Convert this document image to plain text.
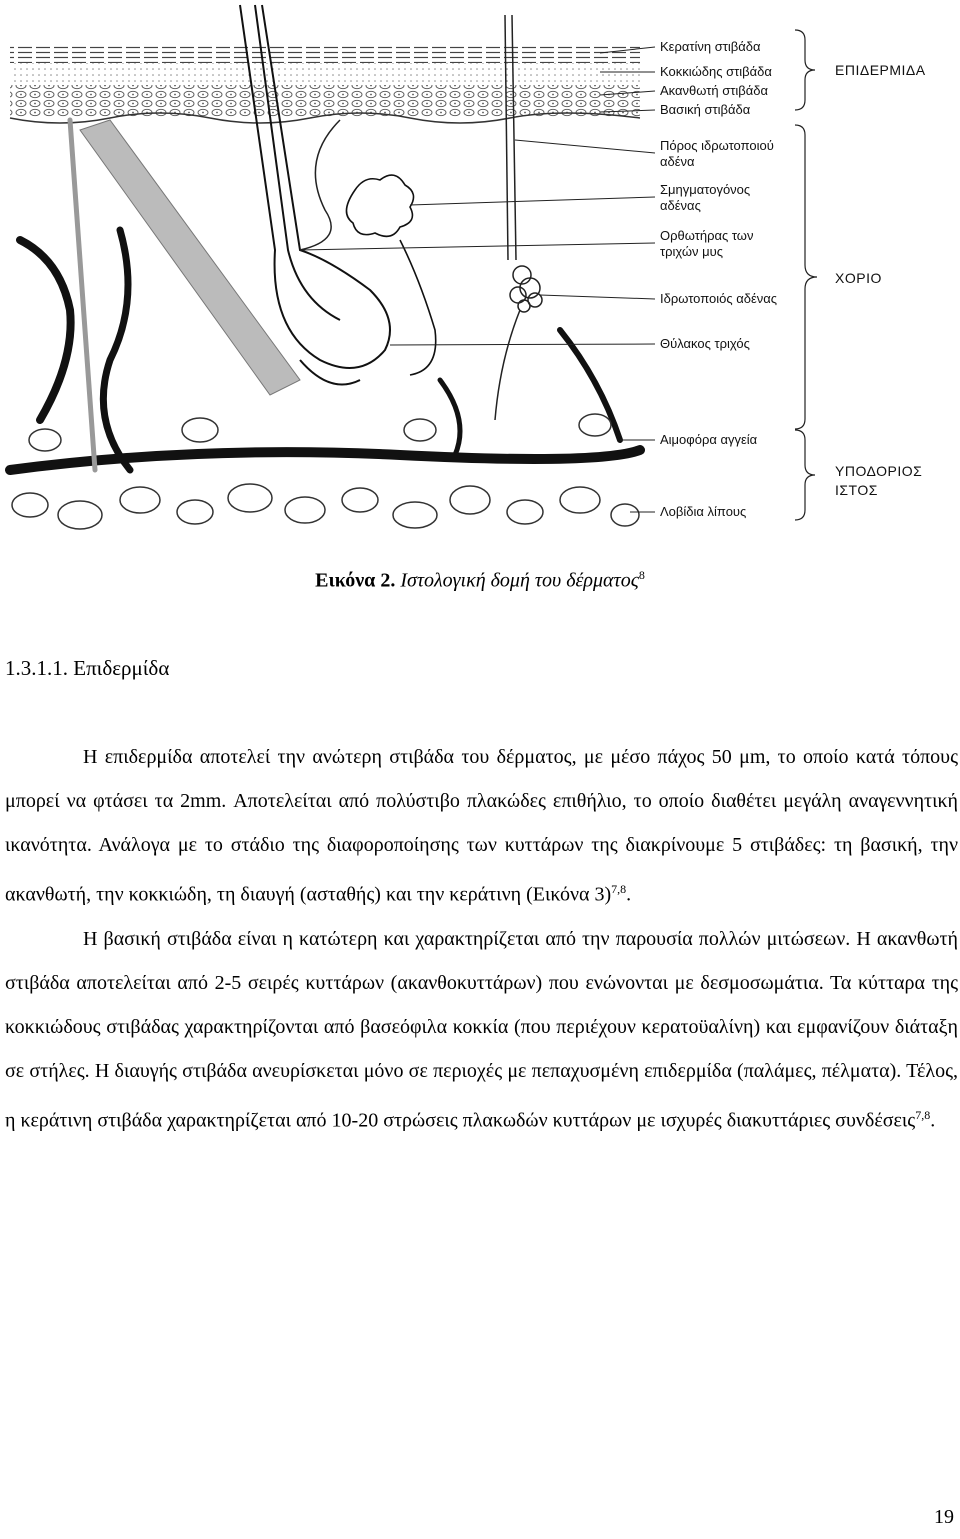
Κερατίνη στιβάδα
Κοκκιώδης στιβάδα
Ακανθωτή στιβάδα
Βασική στιβάδα
Πόρος ιδρωτοποιού
αδένα
Σμηγματογόνος
αδένας
Ορθωτήρας των
τριχών μυς
Ιδρωτοποιός αδένας
Θύλακος τριχός
Αιμοφόρα αγγεία
Λοβίδια λίπους
ΕΠΙΔΕΡΜΙΔΑ
ΧΟΡΙΟ
ΥΠΟΔΟΡΙΟΣ
ΙΣΤΟΣ
Εικόνα 2. Ιστολογική δομή του δέρματος$^8$
1.3.1.1. Επιδερμίδα

Η επιδερμίδα αποτελεί την ανώτερη στιβάδα του δέρματος, με μέσο πάχος 50 μm, το οποίο κατά τόπους μπορεί να φτάσει τα 2mm. Αποτελείται από πολύστιβο πλακώδες επιθήλιο, το οποίο διαθέτει μεγάλη αναγεννητική ικανότητα. Ανάλογα με το στάδιο της διαφοροποίησης των κυττάρων της διακρίνουμε 5 στιβάδες: τη βασική, την ακανθωτή, την κοκκιώδη, τη διαυγή (ασταθής) και την κεράτινη (Εικόνα 3)$^{7,8}$.

Η βασική στιβάδα είναι η κατώτερη και χαρακτηρίζεται από την παρουσία πολλών μιτώσεων. Η ακανθωτή στιβάδα αποτελείται από 2-5 σειρές κυττάρων (ακανθοκυττάρων) που ενώνονται με δεσμοσωμάτια. Τα κύτταρα της κοκκιώδους στιβάδας χαρακτηρίζονται από βασεόφιλα κοκκία (που περιέχουν κερατοϋαλίνη) και εμφανίζουν διάταξη σε στήλες. Η διαυγής στιβάδα ανευρίσκεται μόνο σε περιοχές με πεπαχυσμένη επιδερμίδα (παλάμες, πέλματα). Τέλος, η κεράτινη στιβάδα χαρακτηρίζεται από 10-20 στρώσεις πλακωδών κυττάρων με ισχυρές διακυττάριες συνδέσεις$^{7,8}$.

19
